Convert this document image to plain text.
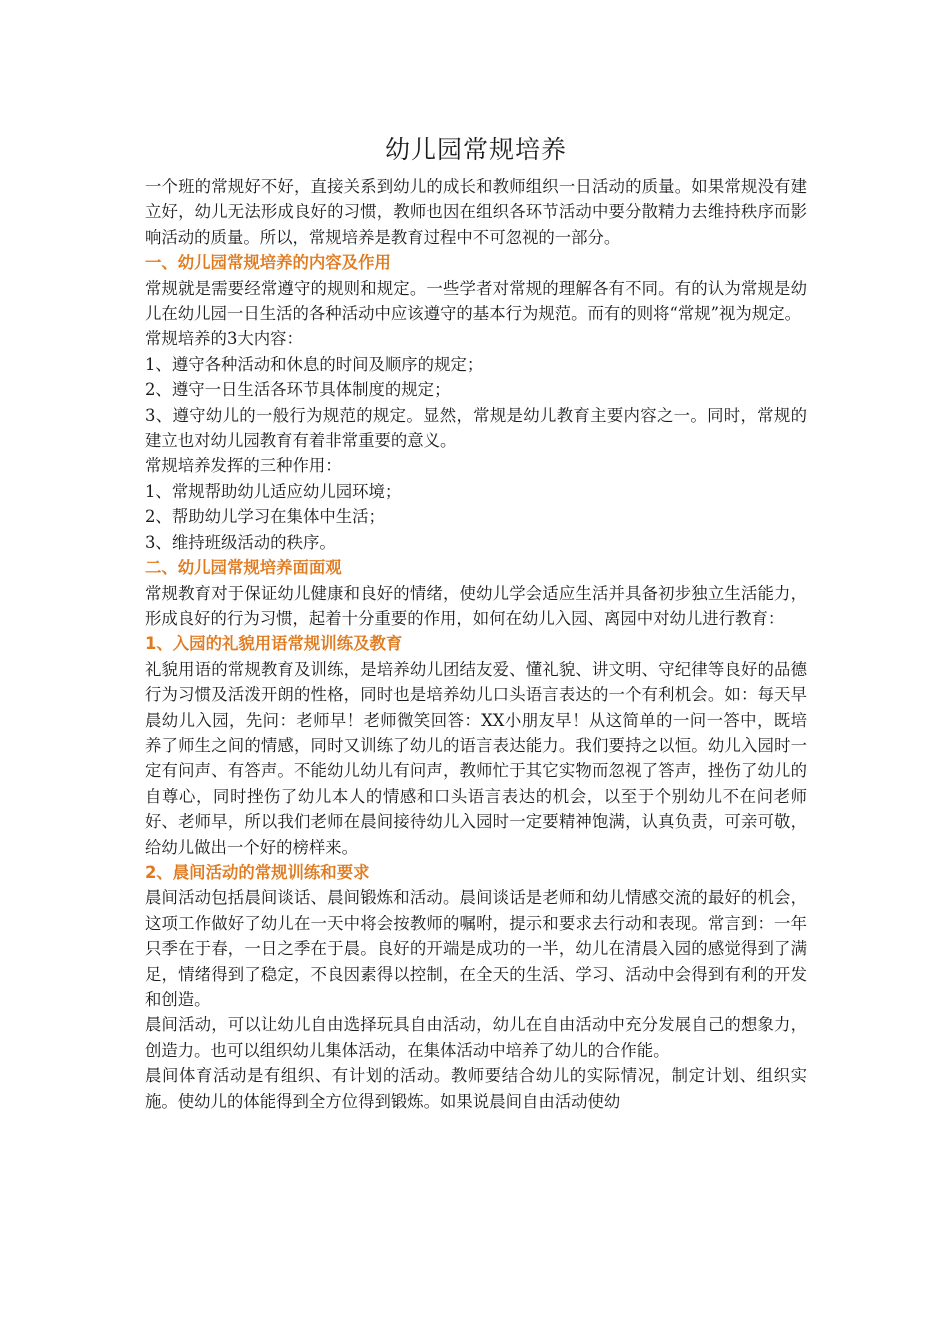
幼儿园常规培养

一个班的常规好不好，直接关系到幼儿的成长和教师组织一日活动的质量。如果常规没有建立好，幼儿无法形成良好的习惯，教师也因在组织各环节活动中要分散精力去维持秩序而影响活动的质量。所以，常规培养是教育过程中不可忽视的一部分。

一、幼儿园常规培养的内容及作用

常规就是需要经常遵守的规则和规定。一些学者对常规的理解各有不同。有的认为常规是幼儿在幼儿园一日生活的各种活动中应该遵守的基本行为规范。而有的则将“常规”视为规定。

常规培养的3大内容：

1、遵守各种活动和休息的时间及顺序的规定；

2、遵守一日生活各环节具体制度的规定；

3、遵守幼儿的一般行为规范的规定。显然，常规是幼儿教育主要内容之一。同时，常规的建立也对幼儿园教育有着非常重要的意义。

常规培养发挥的三种作用：

1、常规帮助幼儿适应幼儿园环境；

2、帮助幼儿学习在集体中生活；

3、维持班级活动的秩序。

二、幼儿园常规培养面面观

常规教育对于保证幼儿健康和良好的情绪，使幼儿学会适应生活并具备初步独立生活能力，形成良好的行为习惯，起着十分重要的作用，如何在幼儿入园、离园中对幼儿进行教育：

1、入园的礼貌用语常规训练及教育

礼貌用语的常规教育及训练，是培养幼儿团结友爱、懂礼貌、讲文明、守纪律等良好的品德行为习惯及活泼开朗的性格，同时也是培养幼儿口头语言表达的一个有利机会。如：每天早晨幼儿入园，先问：老师早！老师微笑回答：XX小朋友早！从这简单的一问一答中，既培养了师生之间的情感，同时又训练了幼儿的语言表达能力。我们要持之以恒。幼儿入园时一定有问声、有答声。不能幼儿幼儿有问声，教师忙于其它实物而忽视了答声，挫伤了幼儿的自尊心，同时挫伤了幼儿本人的情感和口头语言表达的机会，以至于个别幼儿不在问老师好、老师早，所以我们老师在晨间接待幼儿入园时一定要精神饱满，认真负责，可亲可敬，给幼儿做出一个好的榜样来。

2、晨间活动的常规训练和要求

晨间活动包括晨间谈话、晨间锻炼和活动。晨间谈话是老师和幼儿情感交流的最好的机会，这项工作做好了幼儿在一天中将会按教师的嘱咐，提示和要求去行动和表现。常言到：一年只季在于春，一日之季在于晨。良好的开端是成功的一半，幼儿在清晨入园的感觉得到了满足，情绪得到了稳定，不良因素得以控制，在全天的生活、学习、活动中会得到有利的开发和创造。

晨间活动，可以让幼儿自由选择玩具自由活动，幼儿在自由活动中充分发展自己的想象力，创造力。也可以组织幼儿集体活动，在集体活动中培养了幼儿的合作能。

晨间体育活动是有组织、有计划的活动。教师要结合幼儿的实际情况，制定计划、组织实施。使幼儿的体能得到全方位得到锻炼。如果说晨间自由活动使幼
